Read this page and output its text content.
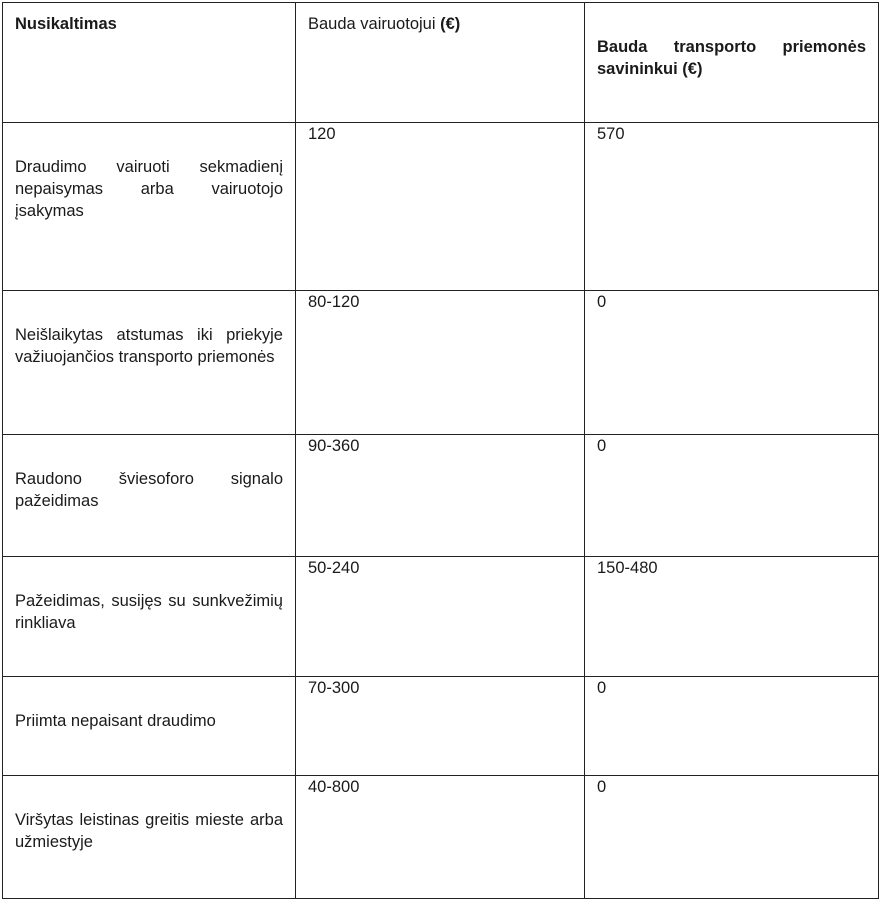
Nusikaltimas	Bauda vairuotojui (€)	Bauda transporto priemonės savininkui (€)
Draudimo vairuoti sekmadienį nepaisymas arba vairuotojo įsakymas	120	570
Neišlaikytas atstumas iki priekyje važiuojančios transporto priemonės	80-120	0
Raudono šviesoforo signalo pažeidimas	90-360	0
Pažeidimas, susijęs su sunkvežimių rinkliava	50-240	150-480
Priimta nepaisant draudimo	70-300	0
Viršytas leistinas greitis mieste arba užmiestyje	40-800	0
